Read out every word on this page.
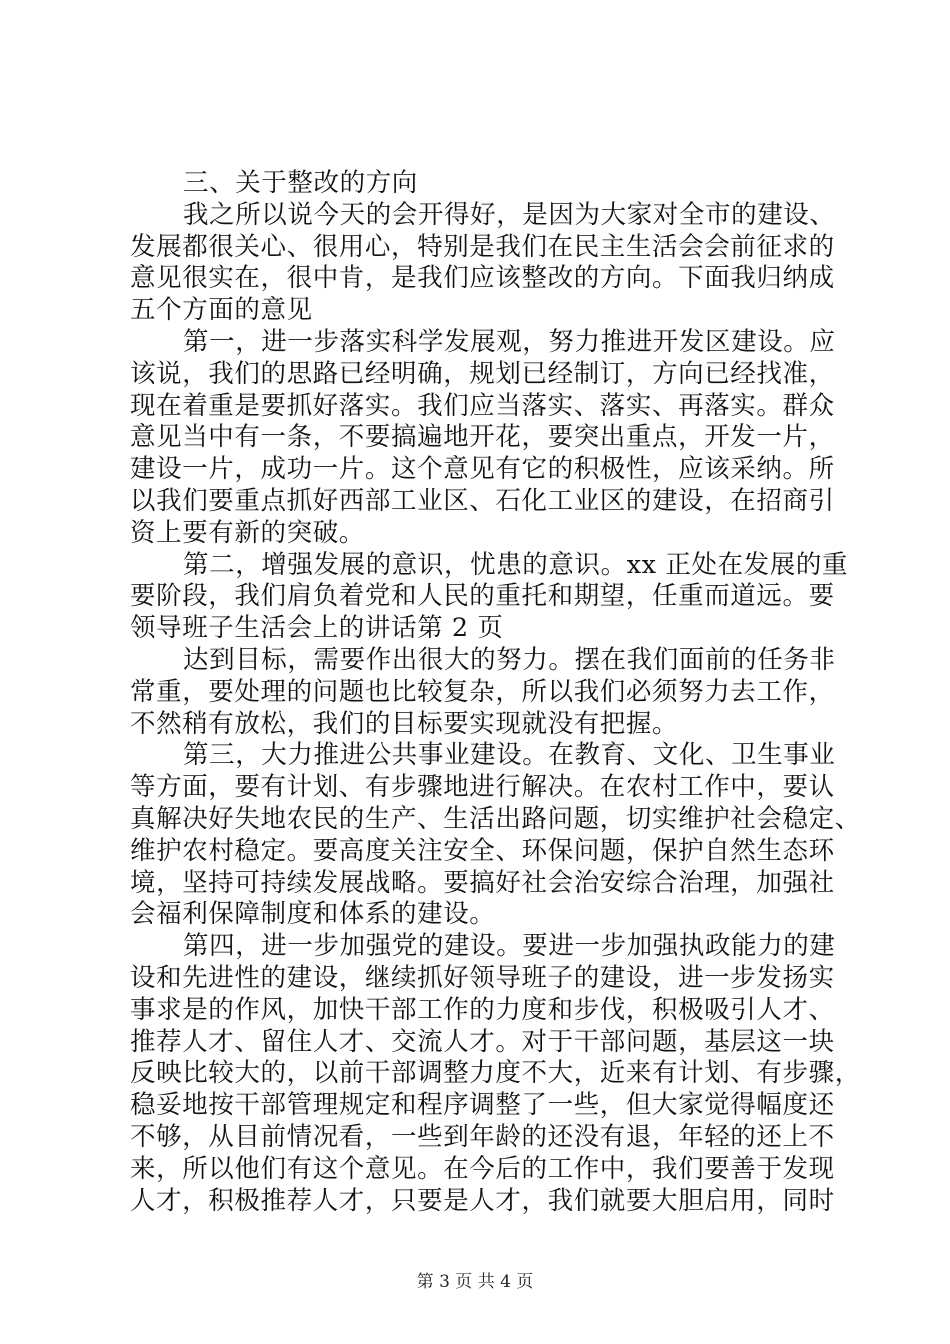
三、关于整改的方向
我之所以说今天的会开得好，是因为大家对全市的建设、
发展都很关心、很用心，特别是我们在民主生活会会前征求的
意见很实在，很中肯，是我们应该整改的方向。下面我归纳成
五个方面的意见
第一，进一步落实科学发展观，努力推进开发区建设。应
该说，我们的思路已经明确，规划已经制订，方向已经找准，
现在着重是要抓好落实。我们应当落实、落实、再落实。群众
意见当中有一条，不要搞遍地开花，要突出重点，开发一片，
建设一片，成功一片。这个意见有它的积极性，应该采纳。所
以我们要重点抓好西部工业区、石化工业区的建设，在招商引
资上要有新的突破。
第二，增强发展的意识，忧患的意识。xx 正处在发展的重
要阶段，我们肩负着党和人民的重托和期望，任重而道远。要
领导班子生活会上的讲话第 2 页
达到目标，需要作出很大的努力。摆在我们面前的任务非
常重，要处理的问题也比较复杂，所以我们必须努力去工作，
不然稍有放松，我们的目标要实现就没有把握。
第三，大力推进公共事业建设。在教育、文化、卫生事业
等方面，要有计划、有步骤地进行解决。在农村工作中，要认
真解决好失地农民的生产、生活出路问题，切实维护社会稳定、
维护农村稳定。要高度关注安全、环保问题，保护自然生态环
境，坚持可持续发展战略。要搞好社会治安综合治理，加强社
会福利保障制度和体系的建设。
第四，进一步加强党的建设。要进一步加强执政能力的建
设和先进性的建设，继续抓好领导班子的建设，进一步发扬实
事求是的作风，加快干部工作的力度和步伐，积极吸引人才、
推荐人才、留住人才、交流人才。对于干部问题，基层这一块
反映比较大的，以前干部调整力度不大，近来有计划、有步骤，
稳妥地按干部管理规定和程序调整了一些，但大家觉得幅度还
不够，从目前情况看，一些到年龄的还没有退，年轻的还上不
来，所以他们有这个意见。在今后的工作中，我们要善于发现
人才，积极推荐人才，只要是人才，我们就要大胆启用，同时
第 3 页 共 4 页
